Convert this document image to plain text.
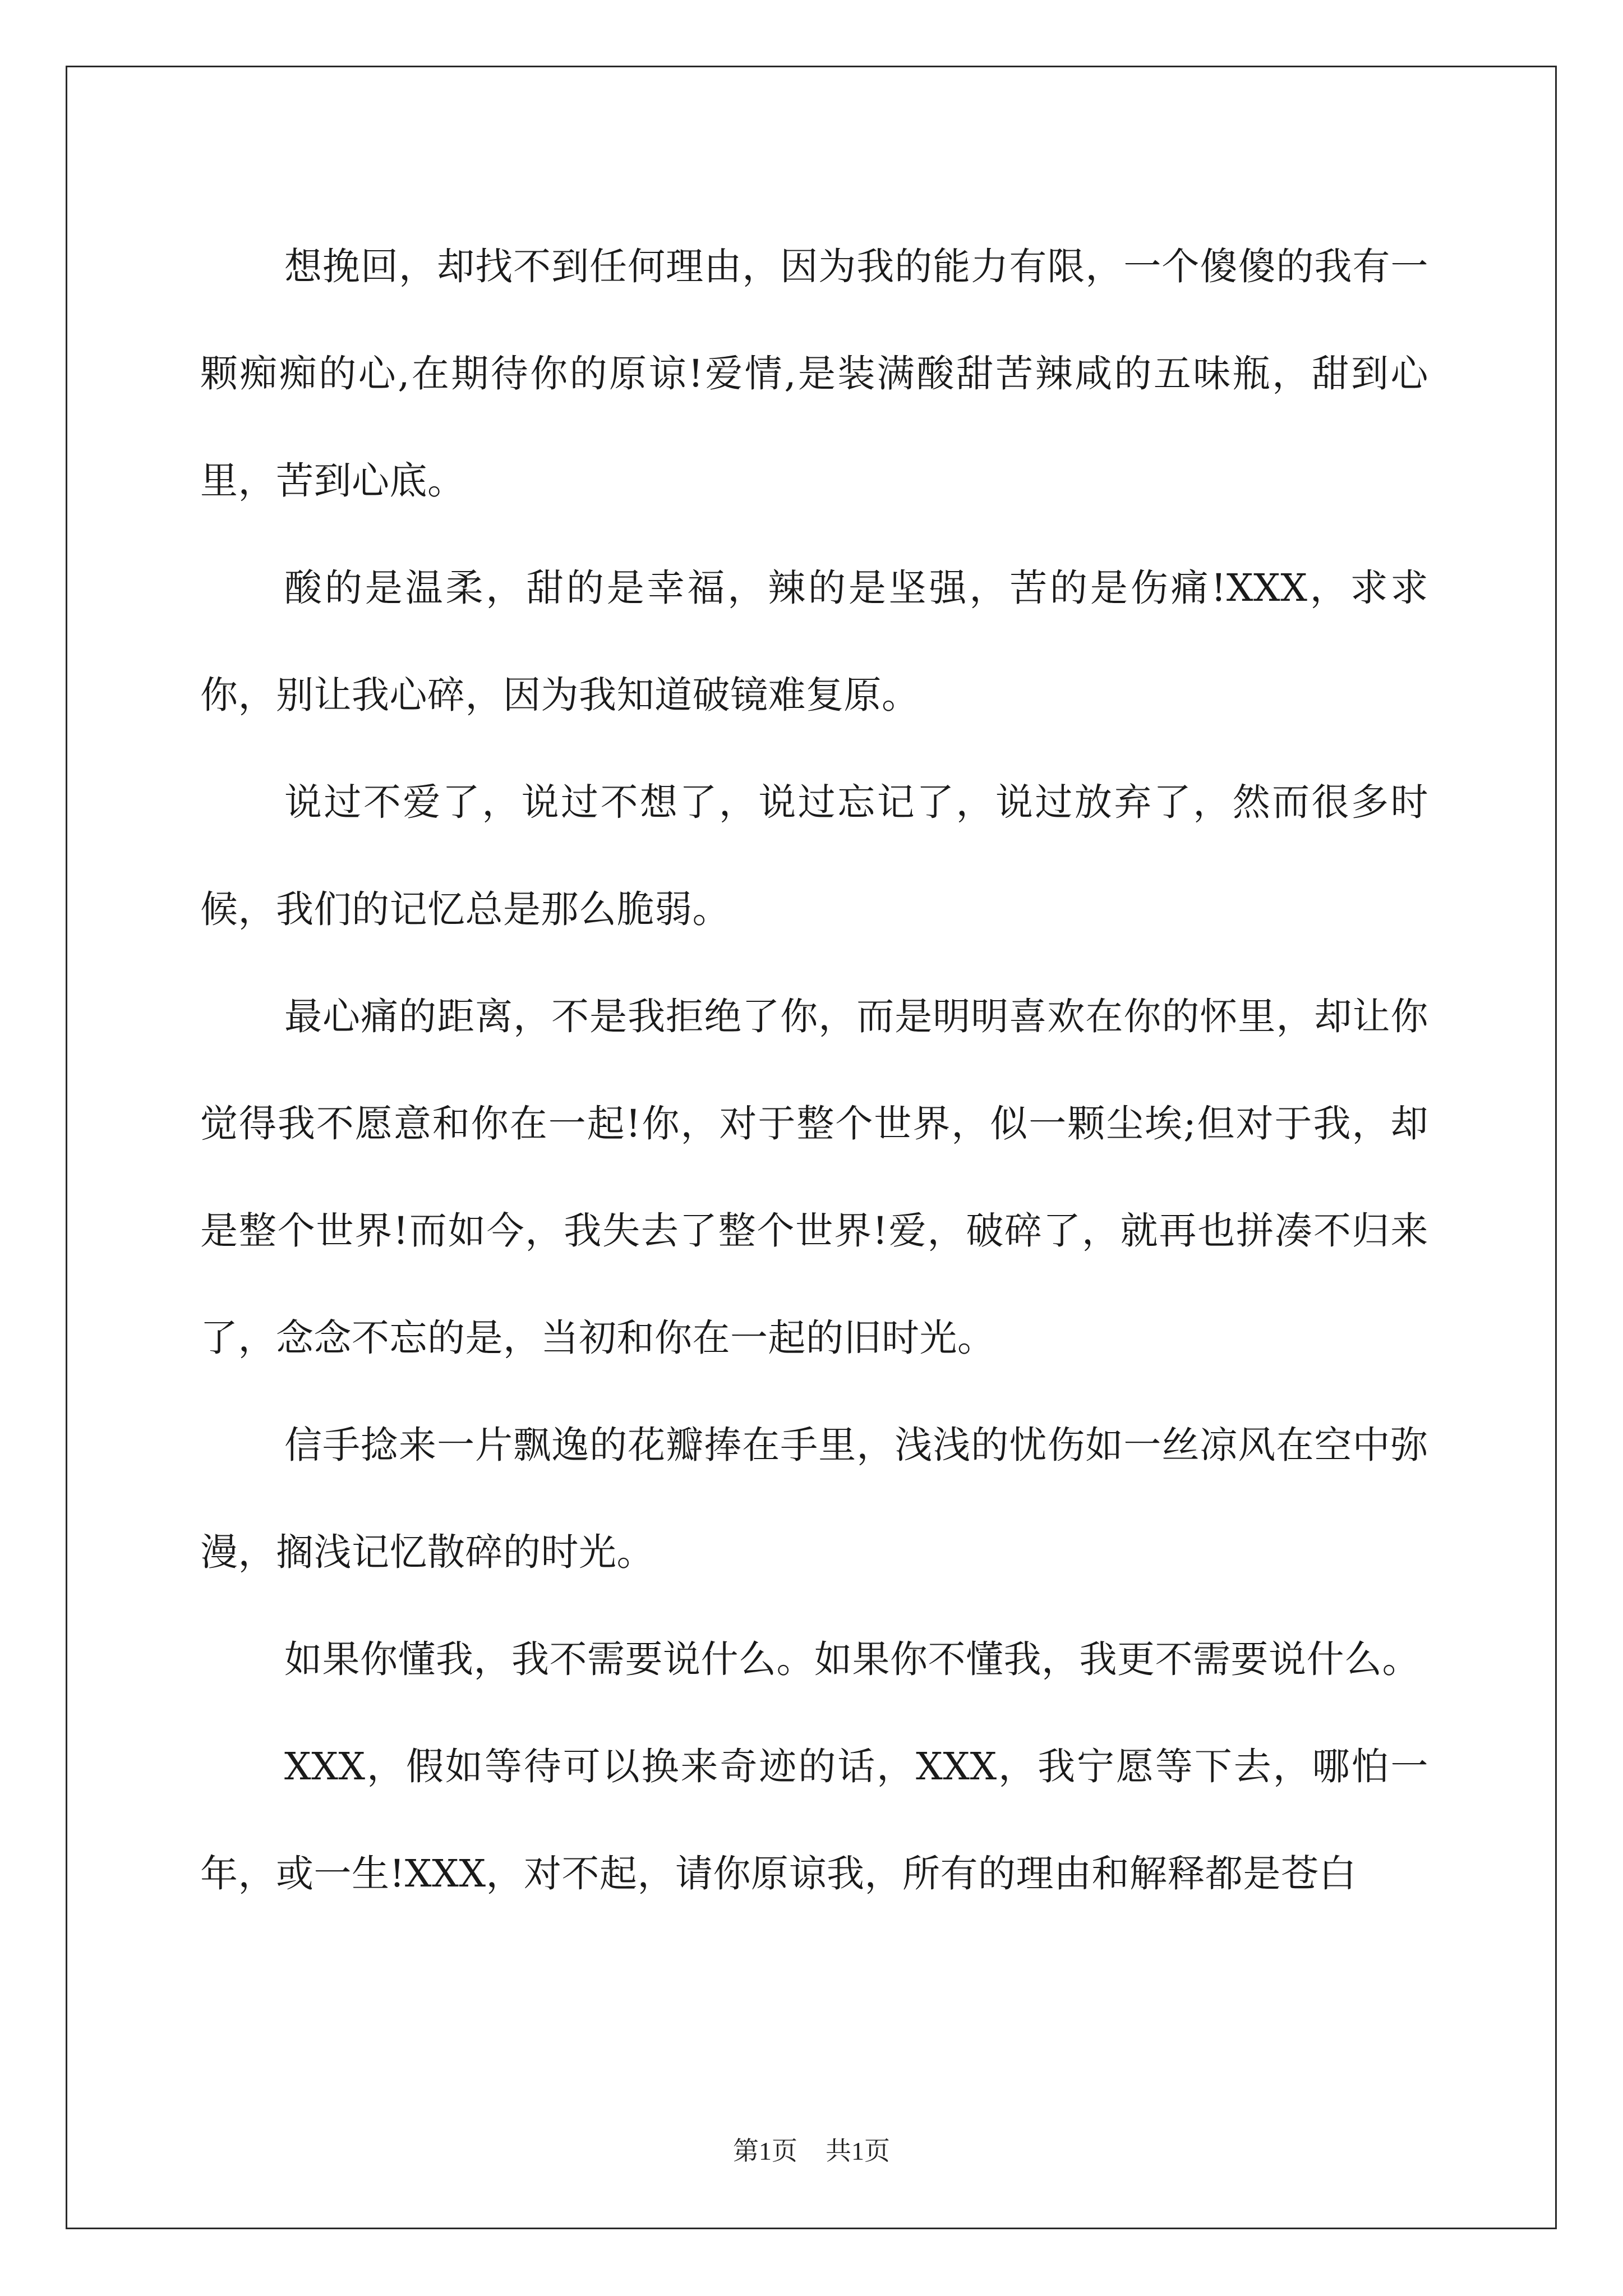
想挽回，却找不到任何理由，因为我的能力有限，一个傻傻的我有一颗痴痴的心,在期待你的原谅!爱情,是装满酸甜苦辣咸的五味瓶，甜到心里，苦到心底。

酸的是温柔，甜的是幸福，辣的是坚强，苦的是伤痛!XXX，求求你，别让我心碎，因为我知道破镜难复原。

说过不爱了，说过不想了，说过忘记了，说过放弃了，然而很多时候，我们的记忆总是那么脆弱。

最心痛的距离，不是我拒绝了你，而是明明喜欢在你的怀里，却让你觉得我不愿意和你在一起!你，对于整个世界，似一颗尘埃;但对于我，却是整个世界!而如今，我失去了整个世界!爱，破碎了，就再也拼凑不归来了，念念不忘的是，当初和你在一起的旧时光。

信手捻来一片飘逸的花瓣捧在手里，浅浅的忧伤如一丝凉风在空中弥漫，搁浅记忆散碎的时光。

如果你懂我，我不需要说什么。如果你不懂我，我更不需要说什么。

XXX，假如等待可以换来奇迹的话，XXX，我宁愿等下去，哪怕一年，或一生!XXX，对不起，请你原谅我，所有的理由和解释都是苍白

第1页 共1页
